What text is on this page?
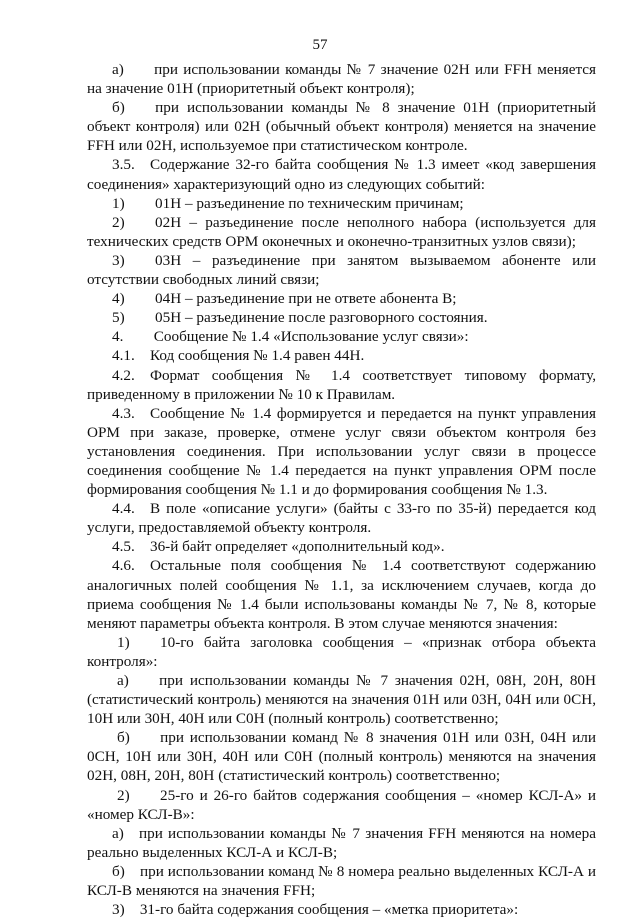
57

а)  при использовании команды № 7 значение 02Н или FFH меняется на значение 01Н (приоритетный объект контроля);

б)  при использовании команды № 8 значение 01Н (приоритетный объект контроля) или 02Н (обычный объект контроля) меняется на значение FFH или 02Н, используемое при статистическом контроле.

3.5. Содержание 32-го байта сообщения № 1.3 имеет «код завершения соединения» характеризующий одно из следующих событий:

1)  01Н – разъединение по техническим причинам;

2)  02Н – разъединение после неполного набора (используется для технических средств ОРМ оконечных и оконечно-транзитных узлов связи);

3)  03Н – разъединение при занятом вызываемом абоненте или отсутствии свободных линий связи;

4)  04Н – разъединение при не ответе абонента В;

5)  05Н – разъединение после разговорного состояния.

4.  Сообщение № 1.4 «Использование услуг связи»:

4.1. Код сообщения № 1.4 равен 44Н.

4.2. Формат сообщения № 1.4 соответствует типовому формату, приведенному в приложении № 10 к Правилам.

4.3. Сообщение № 1.4 формируется и передается на пункт управления ОРМ при заказе, проверке, отмене услуг связи объектом контроля без установления соединения. При использовании услуг связи в процессе соединения сообщение № 1.4 передается на пункт управления ОРМ после формирования сообщения № 1.1 и до формирования сообщения № 1.3.

4.4. В поле «описание услуги» (байты с 33-го по 35-й) передается код услуги, предоставляемой объекту контроля.

4.5. 36-й байт определяет «дополнительный код».

4.6. Остальные поля сообщения № 1.4 соответствуют содержанию аналогичных полей сообщения № 1.1, за исключением случаев, когда до приема сообщения № 1.4 были использованы команды № 7, № 8, которые меняют параметры объекта контроля. В этом случае меняются значения:

1)  10-го байта заголовка сообщения – «признак отбора объекта контроля»:

а)  при использовании команды № 7 значения 02Н, 08Н, 20Н, 80Н (статистический контроль) меняются на значения 01Н или 03Н, 04Н или 0СН, 10Н или 30Н, 40Н или С0Н (полный контроль) соответственно;

б)  при использовании команд № 8 значения 01Н или 03Н, 04Н или 0СН, 10Н или 30Н, 40Н или С0Н (полный контроль) меняются на значения 02Н, 08Н, 20Н, 80Н (статистический контроль) соответственно;

2)  25-го и 26-го байтов содержания сообщения – «номер КСЛ-А» и «номер КСЛ-В»:

а) при использовании команды № 7 значения FFH меняются на номера реально выделенных КСЛ-А и КСЛ-В;

б) при использовании команд № 8 номера реально выделенных КСЛ-А и КСЛ-В меняются на значения FFH;

3) 31-го байта содержания сообщения – «метка приоритета»:
